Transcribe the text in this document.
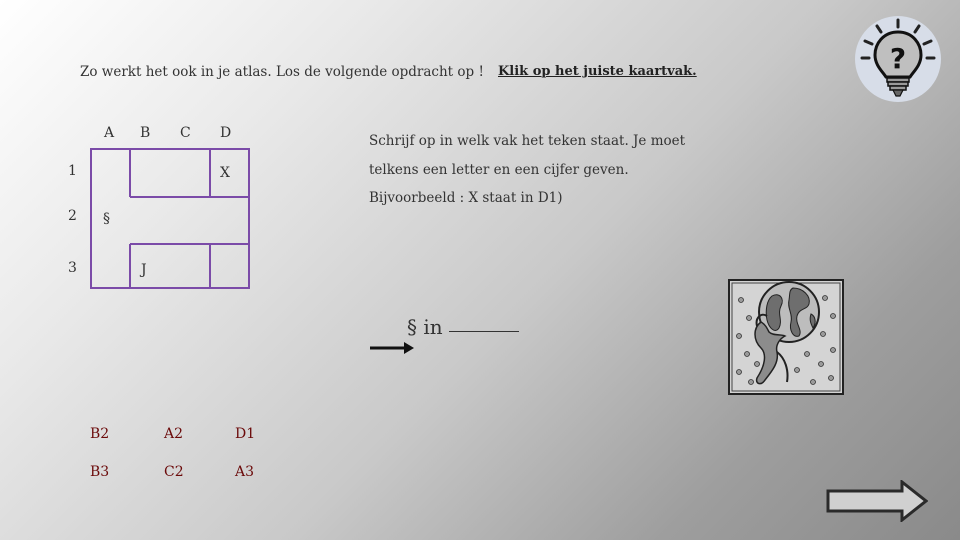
Zo werkt het ook in je atlas. Los de volgende opdracht op ! Klik op het juiste kaartvak.	?
A B C D
1
2
3
X
§
J
Schrijf op in welk vak het teken staat. Je moet
telkens een letter en een cijfer geven.
Bijvoorbeeld : X staat in D1)
§ in
B2	A2	D1
B3	C2	A3
